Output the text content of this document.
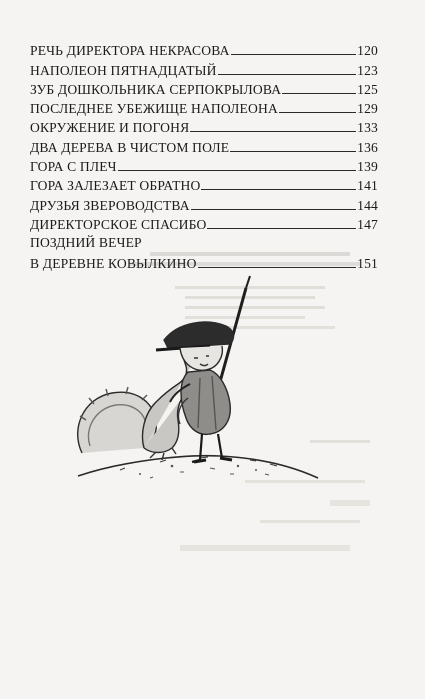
РЕЧЬ ДИРЕКТОРА НЕКРАСОВА	120
НАПОЛЕОН ПЯТНАДЦАТЫЙ	123
ЗУБ ДОШКОЛЬНИКА СЕРПОКРЫЛОВА	125
ПОСЛЕДНЕЕ УБЕЖИЩЕ НАПОЛЕОНА	129
ОКРУЖЕНИЕ И ПОГОНЯ	133
ДВА ДЕРЕВА В ЧИСТОМ ПОЛЕ	136
ГОРА С ПЛЕЧ	139
ГОРА ЗАЛЕЗАЕТ ОБРАТНО	141
ДРУЗЬЯ ЗВЕРОВОДСТВА	144
ДИРЕКТОРСКОЕ СПАСИБО	147
ПОЗДНИЙ ВЕЧЕР
В ДЕРЕВНЕ КОВЫЛКИНО	151
